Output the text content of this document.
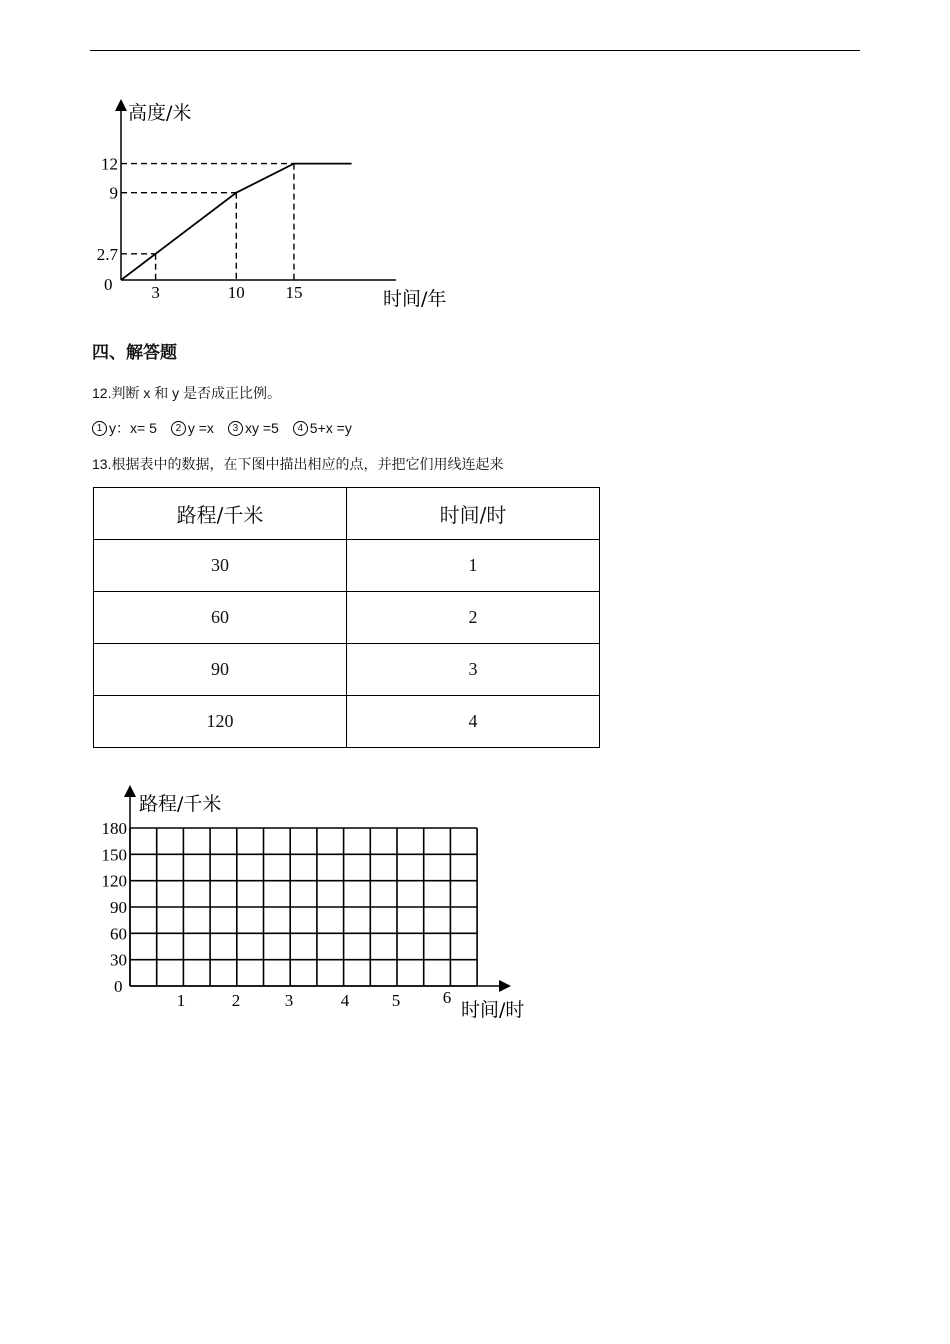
高度/米
时间/年
0 3
2.7
10
9
15
12
四、解答题
12.判断 x 和 y 是否成正比例。
1 y：x= 5	2 y =x	3 xy =5	4 5+x =y
13.根据表中的数据，在下图中描出相应的点，并把它们用线连起来
路程/千米	时间/时
30	1
60	2
90	3
120	4
路程/千米
时间/时
0
30
60
90
120
150
180
1	2	3	4	5	6
